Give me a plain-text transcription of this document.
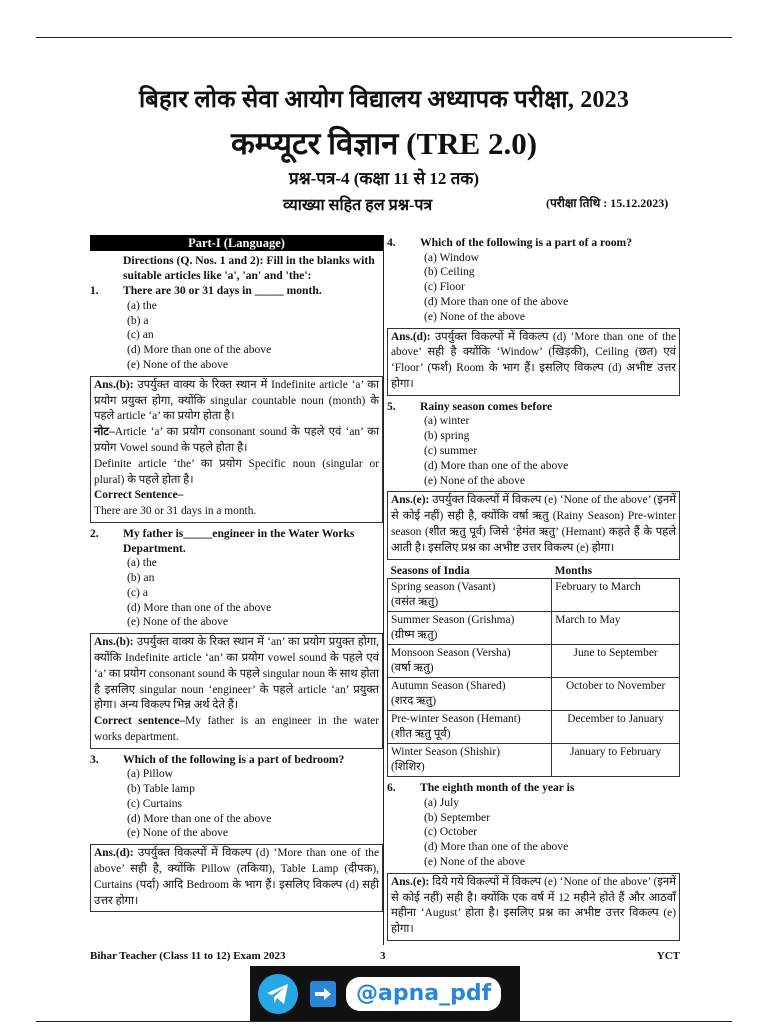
बिहार लोक सेवा आयोग विद्यालय अध्यापक परीक्षा, 2023
कम्प्यूटर विज्ञान (TRE 2.0)
प्रश्न-पत्र-4 (कक्षा 11 से 12 तक)
व्याख्या सहित हल प्रश्न-पत्र	(परीक्षा तिथि : 15.12.2023)
Part-I (Language)
Directions (Q. Nos. 1 and 2): Fill in the blanks with suitable articles like 'a', 'an' and 'the':
1.	There are 30 or 31 days in _____ month.
(a) the
(b) a
(c) an
(d) More than one of the above
(e) None of the above
Ans.(b): उपर्युक्त वाक्य के रिक्त स्थान में Indefinite article ‘a’ का प्रयोग प्रयुक्त होगा, क्योंकि singular countable noun (month) के पहले article ‘a’ का प्रयोग होता है।
नोट–Article ‘a’ का प्रयोग consonant sound के पहले एवं ‘an’ का प्रयोग Vowel sound के पहले होता है।
Definite article ‘the’ का प्रयोग Specific noun (singular or plural) के पहले होता है।
Correct Sentence–
There are 30 or 31 days in a month.
2.	My father is_____engineer in the Water Works Department.
(a) the
(b) an
(c) a
(d) More than one of the above
(e) None of the above
Ans.(b): उपर्युक्त वाक्य के रिक्त स्थान में ‘an’ का प्रयोग प्रयुक्त होगा, क्योंकि Indefinite article ‘an’ का प्रयोग vowel sound के पहले एवं ‘a’ का प्रयोग consonant sound के पहले singular noun के साथ होता है इसलिए singular noun ‘engineer’ के पहले article ‘an’ प्रयुक्त होगा। अन्य विकल्प भिन्न अर्थ देते हैं।
Correct sentence–My father is an engineer in the water works department.
3.	Which of the following is a part of bedroom?
(a) Pillow
(b) Table lamp
(c) Curtains
(d) More than one of the above
(e) None of the above
Ans.(d): उपर्युक्त विकल्पों में विकल्प (d) ‘More than one of the above’ सही है, क्योंकि Pillow (तकिया), Table Lamp (दीपक), Curtains (पर्दा) आदि Bedroom के भाग हैं। इसलिए विकल्प (d) सही उत्तर होगा।
4.	Which of the following is a part of a room?
(a) Window
(b) Ceiling
(c) Floor
(d) More than one of the above
(e) None of the above
Ans.(d): उपर्युक्त विकल्पों में विकल्प (d) ‘More than one of the above’ सही है क्योंकि ‘Window’ (खिड़की), Ceiling (छत) एवं ‘Floor’ (फर्श) Room के भाग हैं। इसलिए विकल्प (d) अभीष्ट उत्तर होगा।
5.	Rainy season comes before
(a) winter
(b) spring
(c) summer
(d) More than one of the above
(e) None of the above
Ans.(e): उपर्युक्त विकल्पों में विकल्प (e) ‘None of the above’ (इनमें से कोई नहीं) सही है, क्योंकि वर्षा ऋतु (Rainy Season) Pre-winter season (शीत ऋतु पूर्व) जिसे ‘हेमंत ऋतु’ (Hemant) कहते हैं के पहले आती है। इसलिए प्रश्न का अभीष्ट उत्तर विकल्प (e) होगा।
Seasons of India	Months

Spring season (Vasant)
(वसंत ऋतु)	February to March

Summer Season (Grishma)
(ग्रीष्म ऋतु)	March to May

Monsoon Season (Versha)
(वर्षा ऋतु)	June to September

Autumn Season (Shared)
(शरद ऋतु)	October to November

Pre-winter Season (Hemant)
(शीत ऋतु पूर्व)	December to January

Winter Season (Shishir)
(शिशिर)	January to February
6.	The eighth month of the year is
(a) July
(b) September
(c) October
(d) More than one of the above
(e) None of the above
Ans.(e): दिये गये विकल्पों में विकल्प (e) ‘None of the above’ (इनमें से कोई नहीं) सही है। क्योंकि एक वर्ष में 12 महीने होते हैं और आठवाँ महीना ‘August’ होता है। इसलिए प्रश्न का अभीष्ट उत्तर विकल्प (e) होगा।
Bihar Teacher (Class 11 to 12) Exam 2023	3	YCT
@apna_pdf
